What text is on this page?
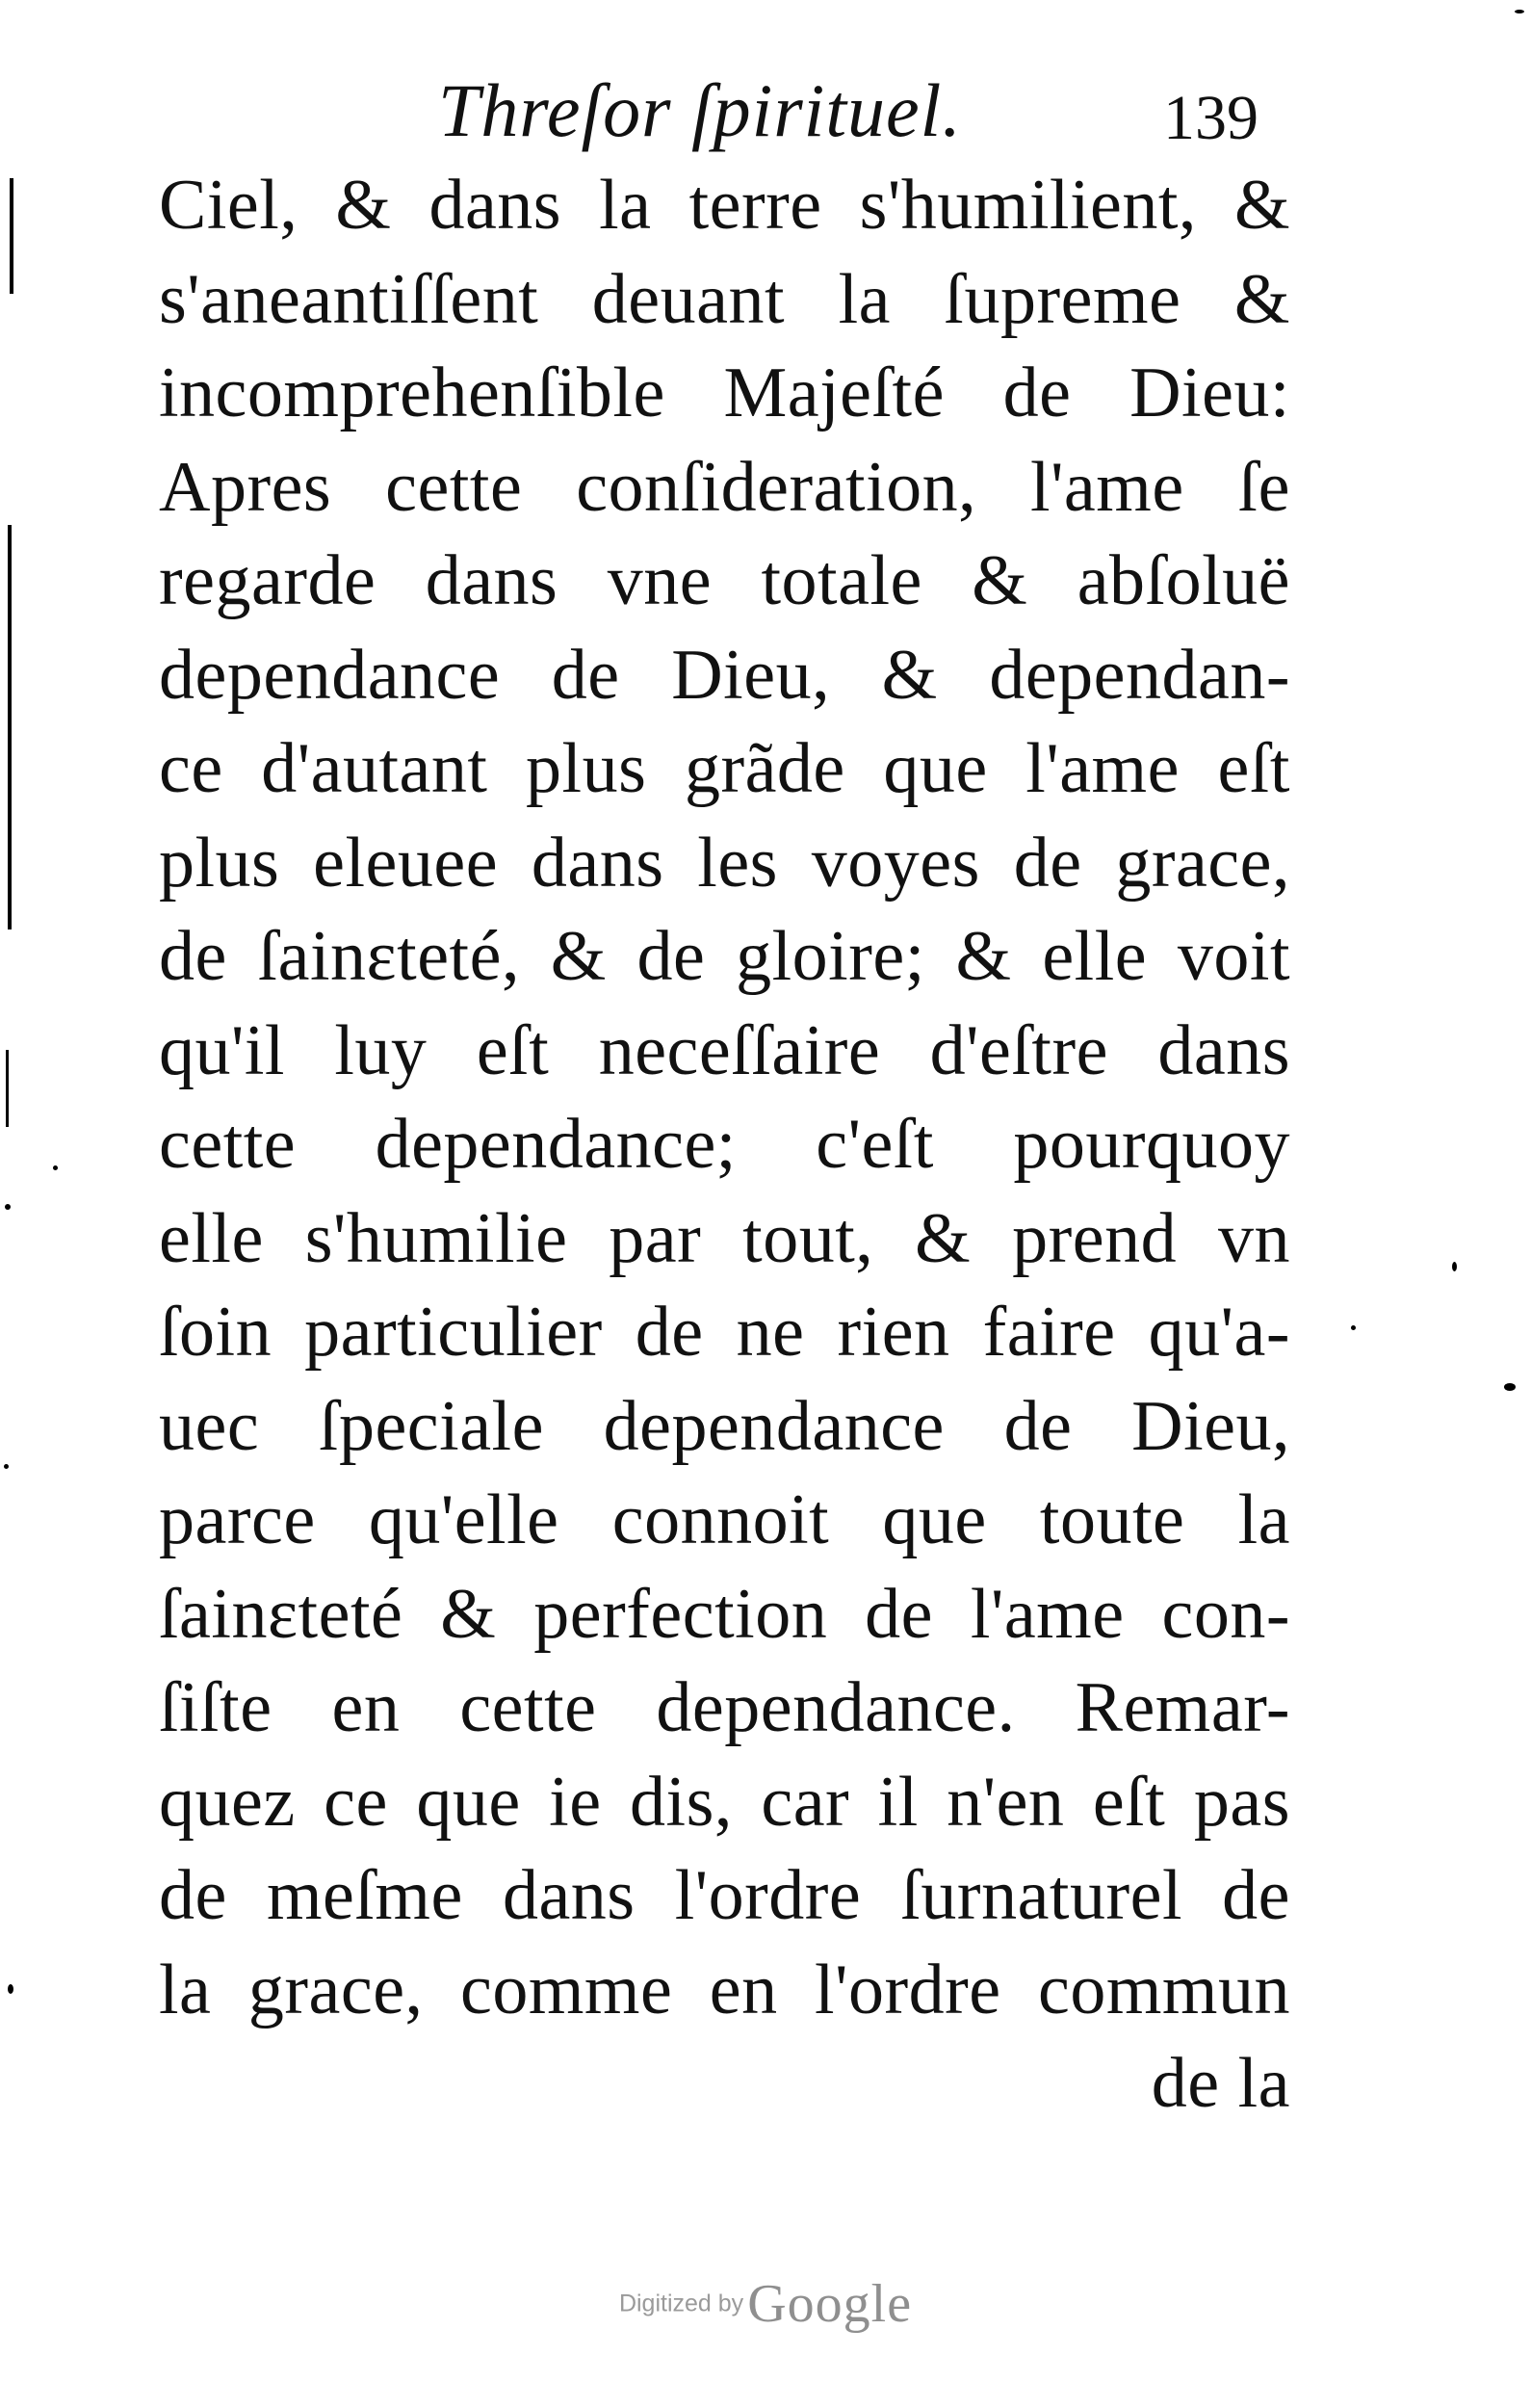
Threſor ſpirituel.	139
Ciel, & dans la terre s'humilient, &
s'aneantiſſent deuant la ſupreme &
incomprehenſible Majeſté de Dieu:
Apres cette conſideration, l'ame ſe
regarde dans vne totale & abſoluë
dependance de Dieu, & dependan-
ce d'autant plus grãde que l'ame eſt
plus eleuee dans les voyes de grace,
de ſainɛteté, & de gloire; & elle voit
qu'il luy eſt neceſſaire d'eſtre dans
cette dependance; c'eſt pourquoy
elle s'humilie par tout, & prend vn
ſoin particulier de ne rien faire qu'a-
uec ſpeciale dependance de Dieu,
parce qu'elle connoit que toute la
ſainɛteté & perfection de l'ame con-
ſiſte en cette dependance. Remar-
quez ce que ie dis, car il n'en eſt pas
de meſme dans l'ordre ſurnaturel de
la grace, comme en l'ordre commun
de la
Digitized by Google
